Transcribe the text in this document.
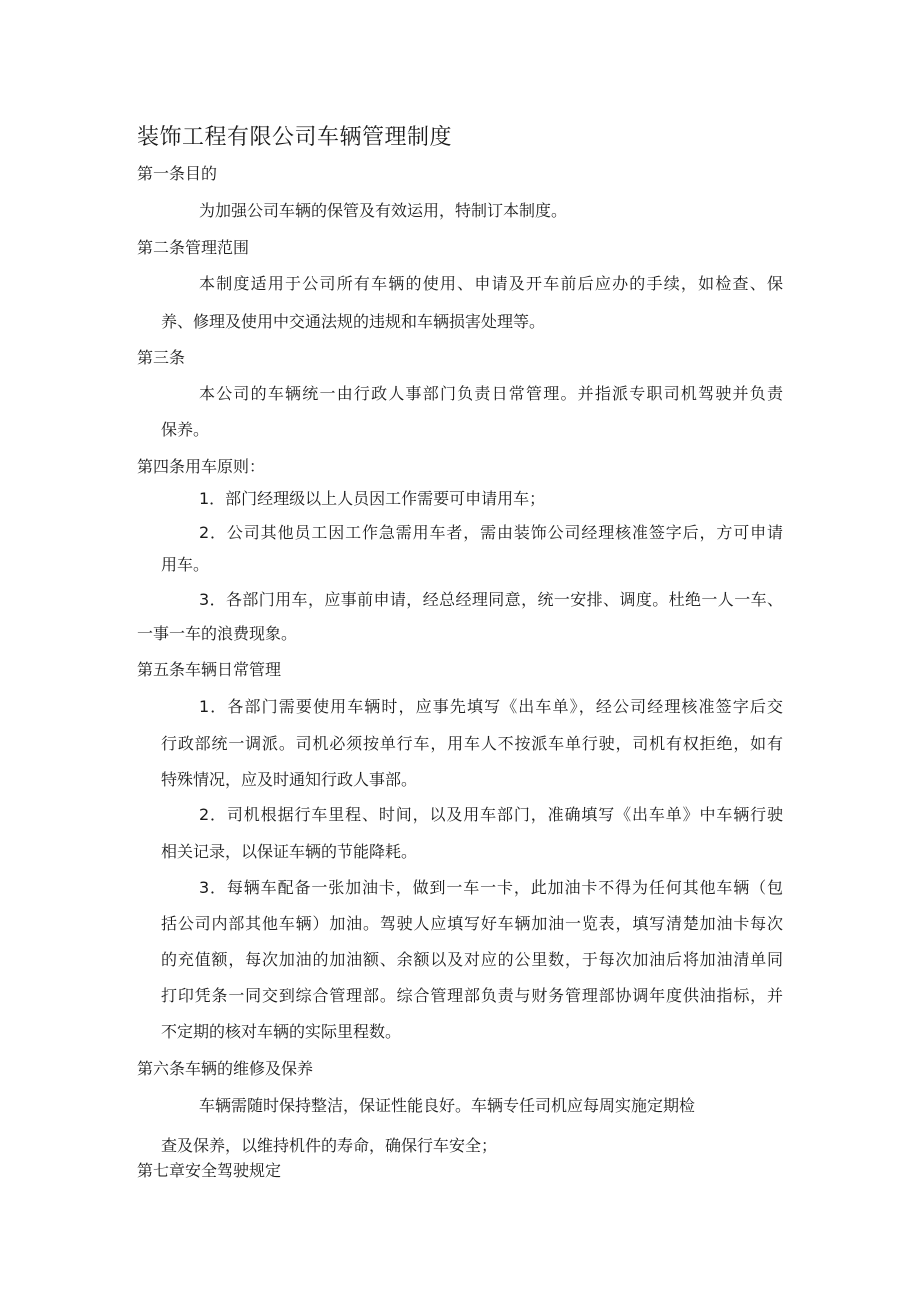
装饰工程有限公司车辆管理制度
第一条目的
为加强公司车辆的保管及有效运用，特制订本制度。
第二条管理范围
本制度适用于公司所有车辆的使用、申请及开车前后应办的手续，如检查、保
养、修理及使用中交通法规的违规和车辆损害处理等。
第三条
本公司的车辆统一由行政人事部门负责日常管理。并指派专职司机驾驶并负责
保养。
第四条用车原则：
1．部门经理级以上人员因工作需要可申请用车；
2．公司其他员工因工作急需用车者，需由装饰公司经理核准签字后，方可申请
用车。
3．各部门用车，应事前申请，经总经理同意，统一安排、调度。杜绝一人一车、
一事一车的浪费现象。
第五条车辆日常管理
1．各部门需要使用车辆时，应事先填写《出车单》，经公司经理核准签字后交
行政部统一调派。司机必须按单行车，用车人不按派车单行驶，司机有权拒绝，如有
特殊情况，应及时通知行政人事部。
2．司机根据行车里程、时间，以及用车部门，准确填写《出车单》中车辆行驶
相关记录，以保证车辆的节能降耗。
3．每辆车配备一张加油卡，做到一车一卡，此加油卡不得为任何其他车辆（包
括公司内部其他车辆）加油。驾驶人应填写好车辆加油一览表，填写清楚加油卡每次
的充值额，每次加油的加油额、余额以及对应的公里数，于每次加油后将加油清单同
打印凭条一同交到综合管理部。综合管理部负责与财务管理部协调年度供油指标，并
不定期的核对车辆的实际里程数。
第六条车辆的维修及保养
车辆需随时保持整洁，保证性能良好。车辆专任司机应每周实施定期检
查及保养，以维持机件的寿命，确保行车安全；
第七章安全驾驶规定
